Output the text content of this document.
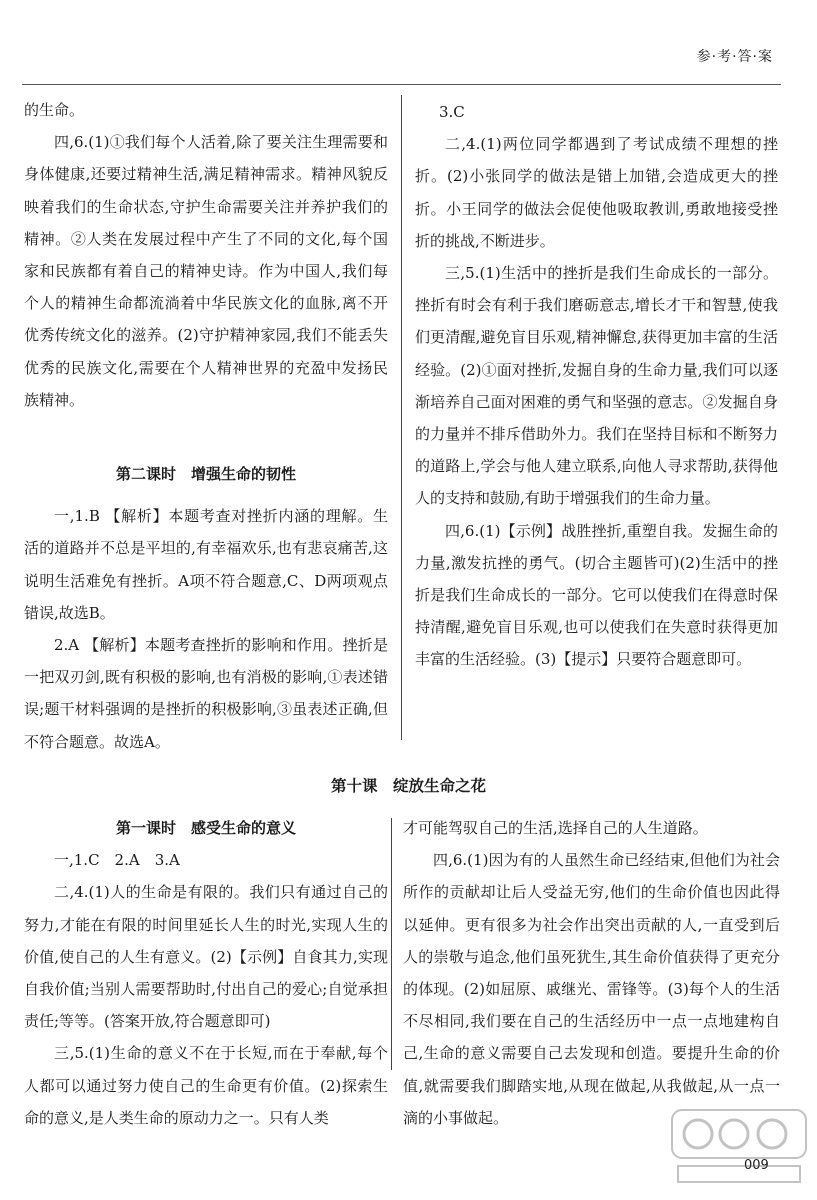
参·考·答·案

的生命。

四,6.(1)①我们每个人活着,除了要关注生理需要和身体健康,还要过精神生活,满足精神需求。精神风貌反映着我们的生命状态,守护生命需要关注并养护我们的精神。②人类在发展过程中产生了不同的文化,每个国家和民族都有着自己的精神史诗。作为中国人,我们每个人的精神生命都流淌着中华民族文化的血脉,离不开优秀传统文化的滋养。(2)守护精神家园,我们不能丢失优秀的民族文化,需要在个人精神世界的充盈中发扬民族精神。

第二课时　增强生命的韧性

一,1.B 【解析】本题考查对挫折内涵的理解。生活的道路并不总是平坦的,有幸福欢乐,也有悲哀痛苦,这说明生活难免有挫折。A项不符合题意,C、D两项观点错误,故选B。

2.A 【解析】本题考查挫折的影响和作用。挫折是一把双刃剑,既有积极的影响,也有消极的影响,①表述错误;题干材料强调的是挫折的积极影响,③虽表述正确,但不符合题意。故选A。

3.C

二,4.(1)两位同学都遇到了考试成绩不理想的挫折。(2)小张同学的做法是错上加错,会造成更大的挫折。小王同学的做法会促使他吸取教训,勇敢地接受挫折的挑战,不断进步。

三,5.(1)生活中的挫折是我们生命成长的一部分。挫折有时会有利于我们磨砺意志,增长才干和智慧,使我们更清醒,避免盲目乐观,精神懈怠,获得更加丰富的生活经验。(2)①面对挫折,发掘自身的生命力量,我们可以逐渐培养自己面对困难的勇气和坚强的意志。②发掘自身的力量并不排斥借助外力。我们在坚持目标和不断努力的道路上,学会与他人建立联系,向他人寻求帮助,获得他人的支持和鼓励,有助于增强我们的生命力量。

四,6.(1)【示例】战胜挫折,重塑自我。发掘生命的力量,激发抗挫的勇气。(切合主题皆可)(2)生活中的挫折是我们生命成长的一部分。它可以使我们在得意时保持清醒,避免盲目乐观,也可以使我们在失意时获得更加丰富的生活经验。(3)【提示】只要符合题意即可。

第十课　绽放生命之花
第一课时　感受生命的意义

一,1.C　2.A　3.A

二,4.(1)人的生命是有限的。我们只有通过自己的努力,才能在有限的时间里延长人生的时光,实现人生的价值,使自己的人生有意义。(2)【示例】自食其力,实现自我价值;当别人需要帮助时,付出自己的爱心;自觉承担责任;等等。(答案开放,符合题意即可)

三,5.(1)生命的意义不在于长短,而在于奉献,每个人都可以通过努力使自己的生命更有价值。(2)探索生命的意义,是人类生命的原动力之一。只有人类

才可能驾驭自己的生活,选择自己的人生道路。

四,6.(1)因为有的人虽然生命已经结束,但他们为社会所作的贡献却让后人受益无穷,他们的生命价值也因此得以延伸。更有很多为社会作出突出贡献的人,一直受到后人的崇敬与追念,他们虽死犹生,其生命价值获得了更充分的体现。(2)如屈原、戚继光、雷锋等。(3)每个人的生活不尽相同,我们要在自己的生活经历中一点一点地建构自己,生命的意义需要自己去发现和创造。要提升生命的价值,就需要我们脚踏实地,从现在做起,从我做起,从一点一滴的小事做起。

009
